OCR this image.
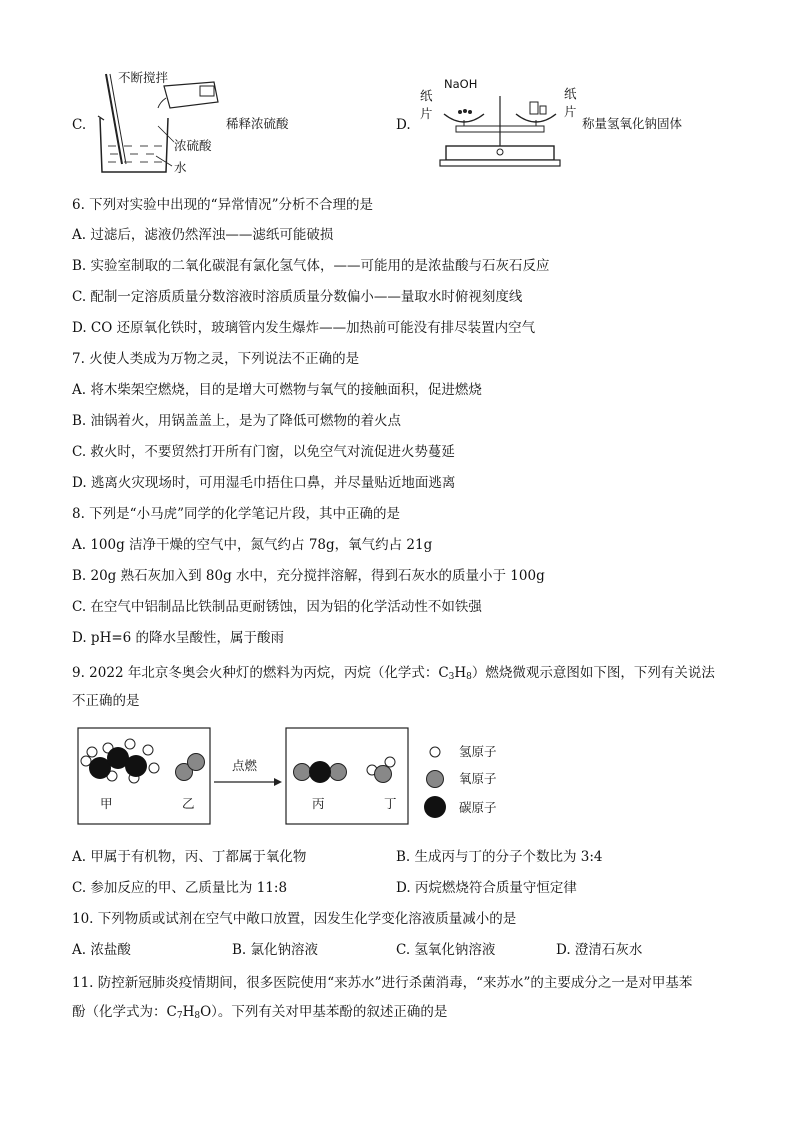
C.
不断搅拌
稀释浓硫酸
浓硫酸
水
D.
NaOH
纸
片
纸
片
称量氢氧化钠固体
6. 下列对实验中出现的“异常情况”分析不合理的是
A. 过滤后，滤液仍然浑浊——滤纸可能破损
B. 实验室制取的二氧化碳混有氯化氢气体，——可能用的是浓盐酸与石灰石反应
C. 配制一定溶质质量分数溶液时溶质质量分数偏小——量取水时俯视刻度线
D. CO 还原氧化铁时，玻璃管内发生爆炸——加热前可能没有排尽装置内空气
7. 火使人类成为万物之灵，下列说法不正确的是
A. 将木柴架空燃烧，目的是增大可燃物与氧气的接触面积，促进燃烧
B. 油锅着火，用锅盖盖上，是为了降低可燃物的着火点
C. 救火时，不要贸然打开所有门窗，以免空气对流促进火势蔓延
D. 逃离火灾现场时，可用湿毛巾捂住口鼻，并尽量贴近地面逃离
8. 下列是“小马虎”同学的化学笔记片段，其中正确的是
A. 100g 洁净干燥的空气中，氮气约占 78g，氧气约占 21g
B. 20g 熟石灰加入到 80g 水中，充分搅拌溶解，得到石灰水的质量小于 100g
C. 在空气中铝制品比铁制品更耐锈蚀，因为铝的化学活动性不如铁强
D. pH=6 的降水呈酸性，属于酸雨
9. 2022 年北京冬奥会火种灯的燃料为丙烷，丙烷（化学式：$C_3H_8$）燃烧微观示意图如下图，下列有关说法
不正确的是
甲	乙
点燃
丙	丁
氢原子
氧原子
碳原子
A. 甲属于有机物，丙、丁都属于氧化物	B. 生成丙与丁的分子个数比为 3:4
C. 参加反应的甲、乙质量比为 11:8	D. 丙烷燃烧符合质量守恒定律
10. 下列物质或试剂在空气中敞口放置，因发生化学变化溶液质量减小的是
A. 浓盐酸	B. 氯化钠溶液	C. 氢氧化钠溶液	D. 澄清石灰水
11. 防控新冠肺炎疫情期间，很多医院使用“来苏水”进行杀菌消毒，“来苏水”的主要成分之一是对甲基苯
酚（化学式为：$C_7H_8O$）。下列有关对甲基苯酚的叙述正确的是
